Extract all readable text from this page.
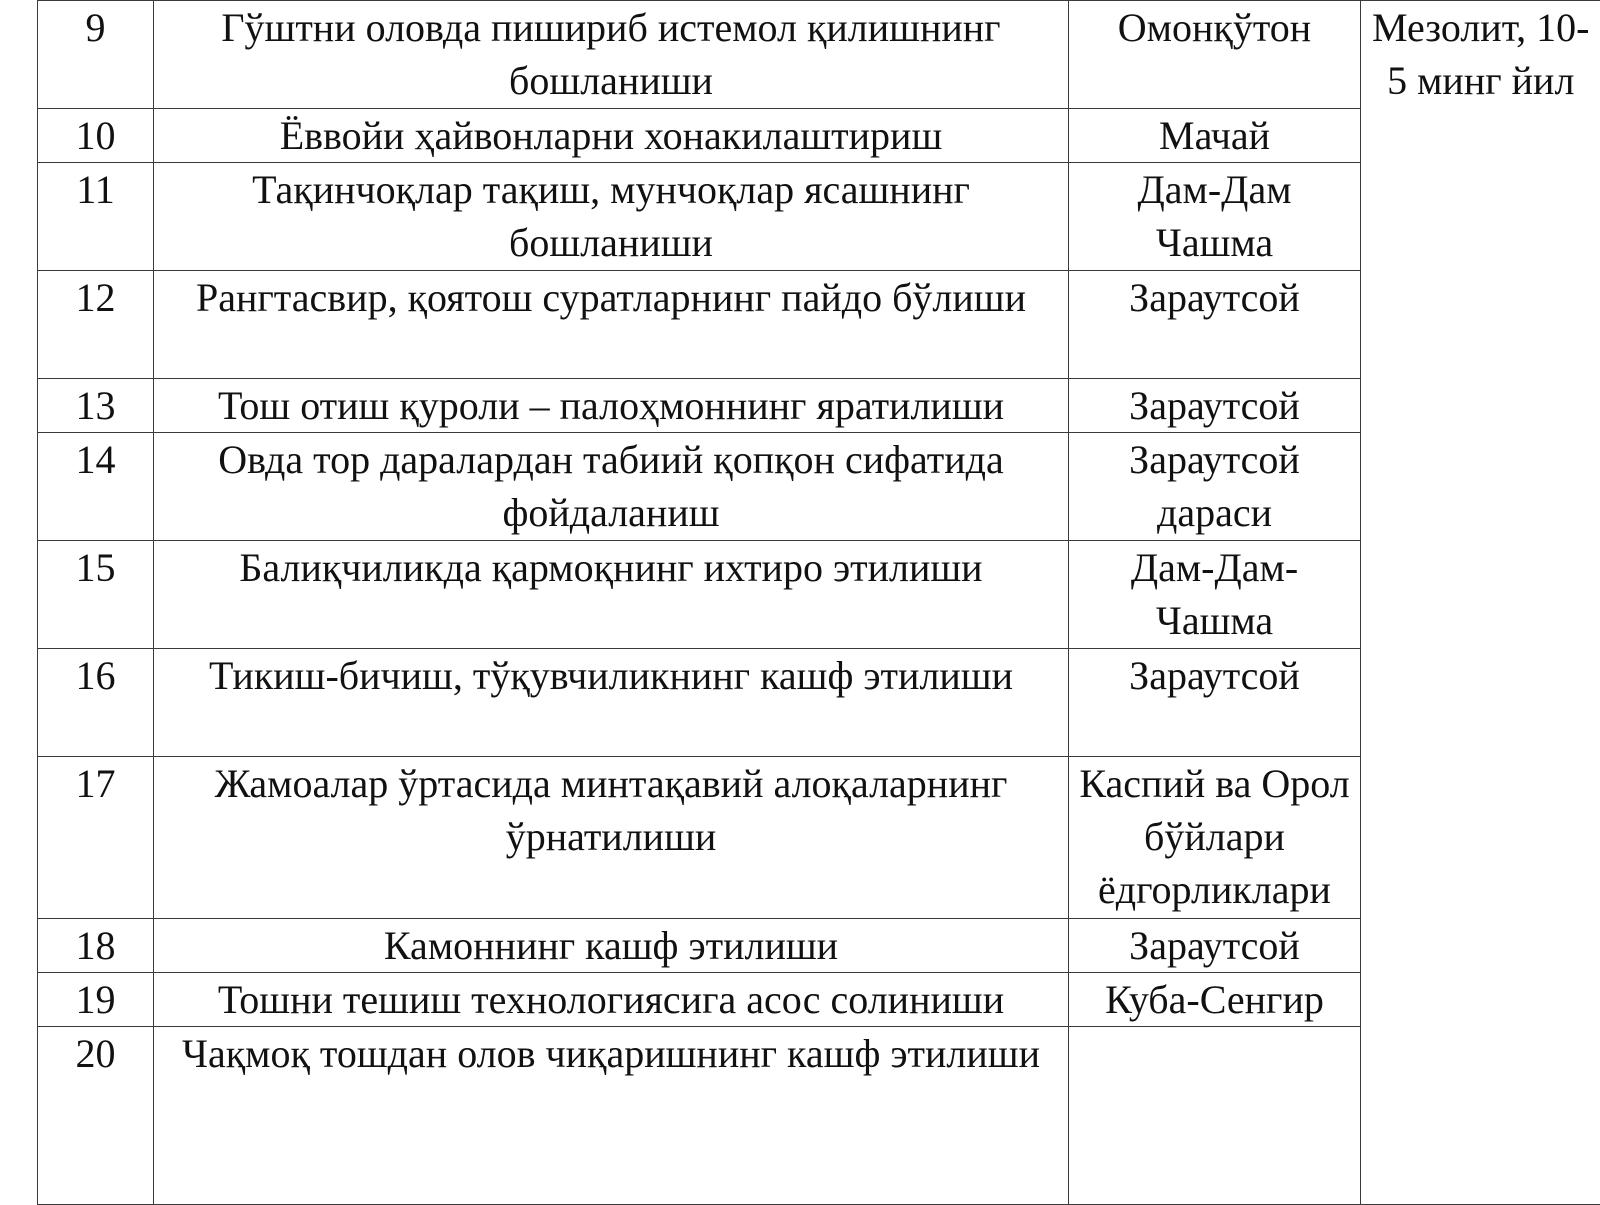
9	Гўштни оловда пишириб истемол қилишнинг бошланиши	Омонқўтон	Мезолит, 10-5 минг йил

10	Ёввойи ҳайвонларни хонакилаштириш	Мачай	

11	Тақинчоқлар тақиш, мунчоқлар ясашнинг бошланиши	Дам-Дам Чашма	

12	Рангтасвир, қоятош суратларнинг пайдо бўлиши	Зараутсой	

13	Тош отиш қуроли – палоҳмоннинг яратилиши	Зараутсой	

14	Овда тор даралардан табиий қопқон сифатида фойдаланиш	Зараутсой дараси	

15	Балиқчиликда қармоқнинг ихтиро этилиши	Дам-Дам-Чашма	

16	Тикиш-бичиш, тўқувчиликнинг кашф этилиши	Зараутсой	

17	Жамоалар ўртасида минтақавий алоқаларнинг ўрнатилиши	Каспий ва Орол бўйлари ёдгорликлари	

18	Камоннинг кашф этилиши	Зараутсой	

19	Тошни тешиш технологиясига асос солиниши	Куба-Сенгир	

20	Чақмоқ тошдан олов чиқаришнинг кашф этилиши		
